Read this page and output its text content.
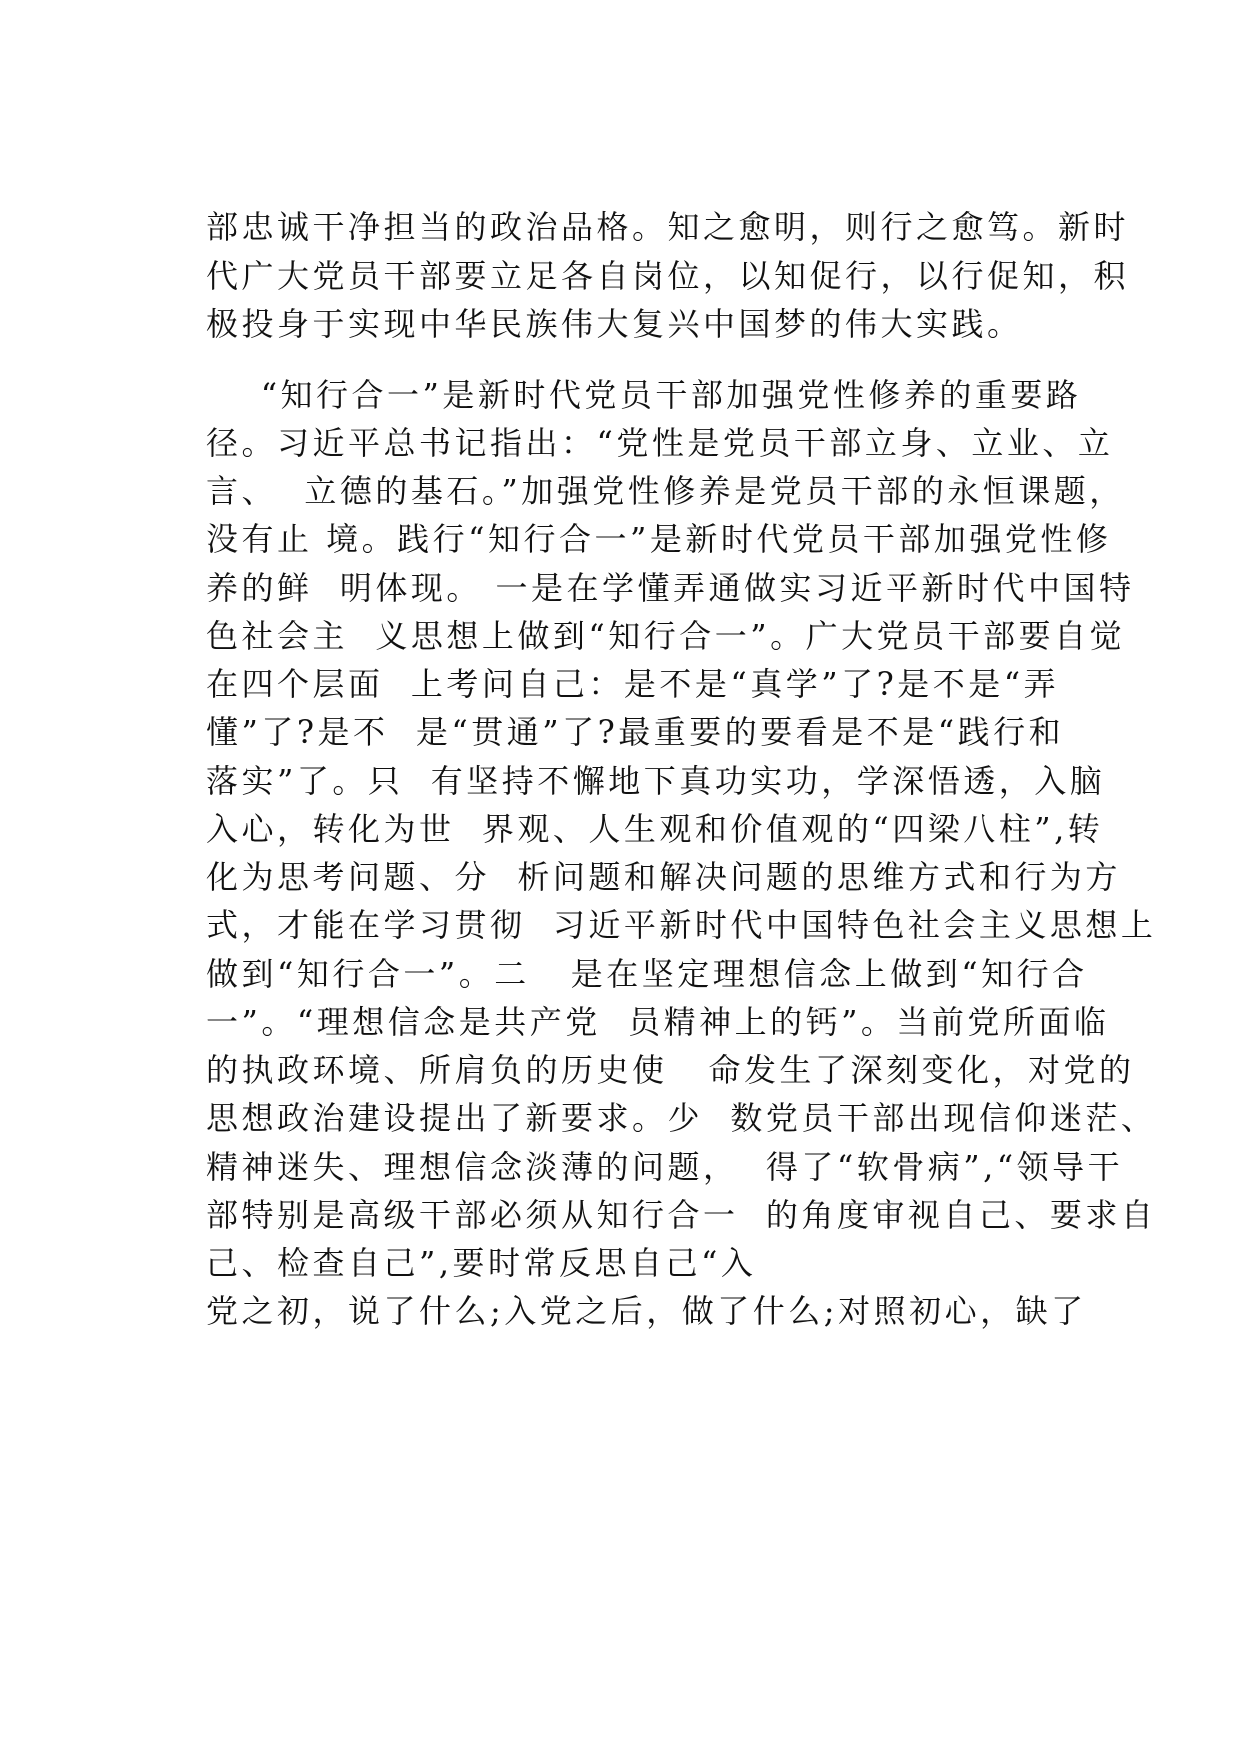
部忠诚干净担当的政治品格。知之愈明，则行之愈笃。新时
代广大党员干部要立足各自岗位，以知促行，以行促知，积
极投身于实现中华民族伟大复兴中国梦的伟大实践。
“知行合一”是新时代党员干部加强党性修养的重要路
径。习近平总书记指出：“党性是党员干部立身、立业、立
言、  立德的基石。”加强党性修养是党员干部的永恒课题，
没有止 境。践行“知行合一”是新时代党员干部加强党性修
养的鲜  明体现。 一是在学懂弄通做实习近平新时代中国特
色社会主  义思想上做到“知行合一”。广大党员干部要自觉
在四个层面  上考问自己：是不是“真学”了?是不是“弄
懂”了?是不  是“贯通”了?最重要的要看是不是“践行和
落实”了。只  有坚持不懈地下真功实功，学深悟透，入脑
入心，转化为世  界观、人生观和价值观的“四梁八柱”,转
化为思考问题、分  析问题和解决问题的思维方式和行为方
式，才能在学习贯彻  习近平新时代中国特色社会主义思想上
做到“知行合一”。二   是在坚定理想信念上做到“知行合
一”。“理想信念是共产党  员精神上的钙”。当前党所面临
的执政环境、所肩负的历史使   命发生了深刻变化，对党的
思想政治建设提出了新要求。少  数党员干部出现信仰迷茫、
精神迷失、理想信念淡薄的问题，  得了“软骨病”,“领导干
部特别是高级干部必须从知行合一  的角度审视自己、要求自
己、检查自己”,要时常反思自己“入
党之初，说了什么;入党之后，做了什么;对照初心，缺了
